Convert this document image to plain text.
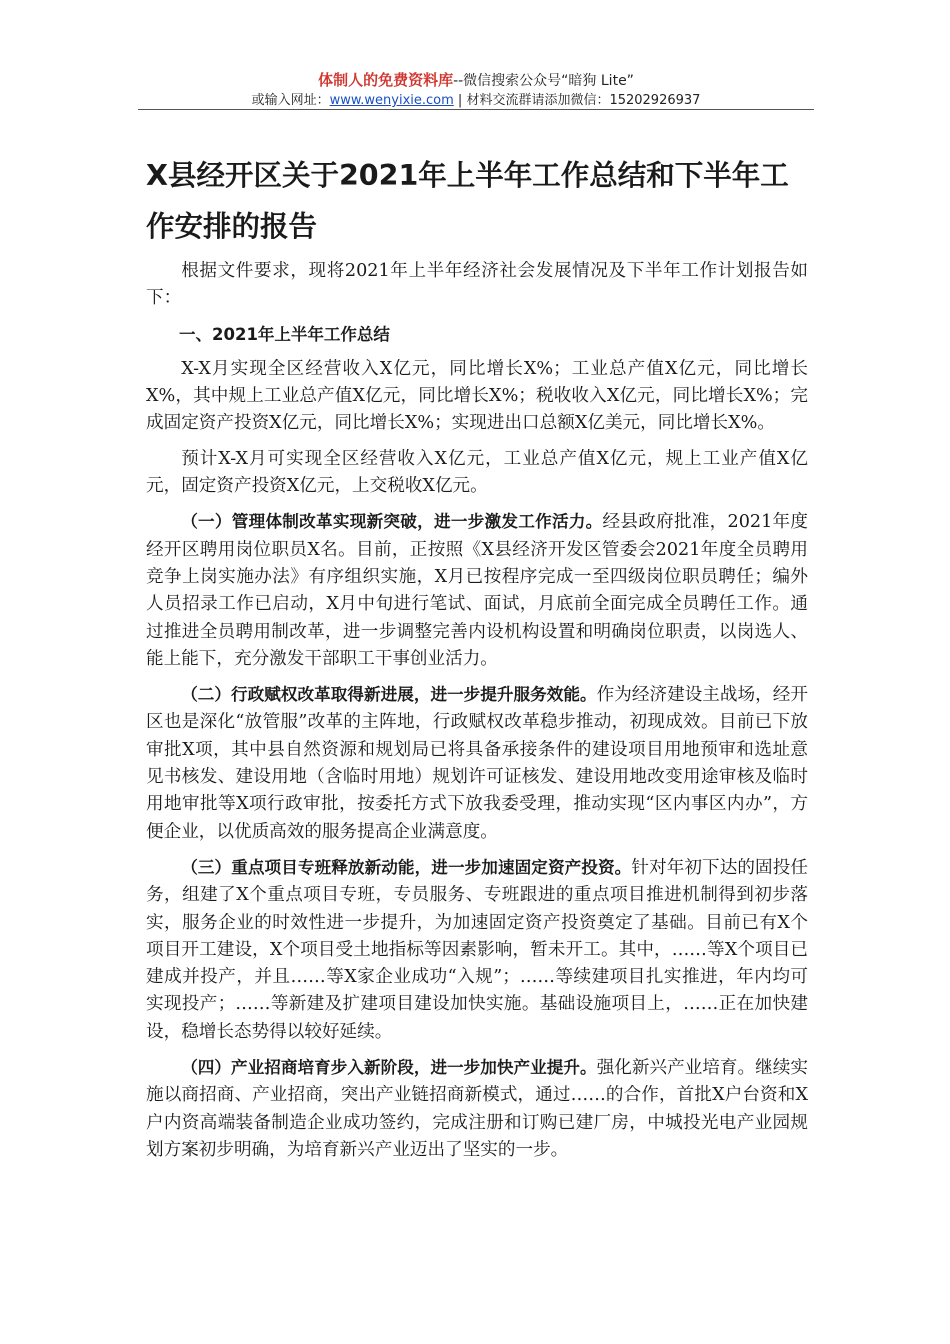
体制人的免费资料库--微信搜索公众号“暗狗 Lite”
或输入网址：www.wenyixie.com | 材料交流群请添加微信：15202926937
X县经开区关于2021年上半年工作总结和下半年工作安排的报告

根据文件要求，现将2021年上半年经济社会发展情况及下半年工作计划报告如下：

一、2021年上半年工作总结

X-X月实现全区经营收入X亿元，同比增长X%；工业总产值X亿元，同比增长X%，其中规上工业总产值X亿元，同比增长X%；税收收入X亿元，同比增长X%；完成固定资产投资X亿元，同比增长X%；实现进出口总额X亿美元，同比增长X%。

预计X-X月可实现全区经营收入X亿元，工业总产值X亿元，规上工业产值X亿元，固定资产投资X亿元，上交税收X亿元。

（一）管理体制改革实现新突破，进一步激发工作活力。经县政府批准，2021年度经开区聘用岗位职员X名。目前，正按照《X县经济开发区管委会2021年度全员聘用竞争上岗实施办法》有序组织实施，X月已按程序完成一至四级岗位职员聘任；编外人员招录工作已启动，X月中旬进行笔试、面试，月底前全面完成全员聘任工作。通过推进全员聘用制改革，进一步调整完善内设机构设置和明确岗位职责，以岗选人、能上能下，充分激发干部职工干事创业活力。

（二）行政赋权改革取得新进展，进一步提升服务效能。作为经济建设主战场，经开区也是深化“放管服”改革的主阵地，行政赋权改革稳步推动，初现成效。目前已下放审批X项，其中县自然资源和规划局已将具备承接条件的建设项目用地预审和选址意见书核发、建设用地（含临时用地）规划许可证核发、建设用地改变用途审核及临时用地审批等X项行政审批，按委托方式下放我委受理，推动实现“区内事区内办”，方便企业，以优质高效的服务提高企业满意度。

（三）重点项目专班释放新动能，进一步加速固定资产投资。针对年初下达的固投任务，组建了X个重点项目专班，专员服务、专班跟进的重点项目推进机制得到初步落实，服务企业的时效性进一步提升，为加速固定资产投资奠定了基础。目前已有X个项目开工建设，X个项目受土地指标等因素影响，暂未开工。其中，……等X个项目已建成并投产，并且……等X家企业成功“入规”；……等续建项目扎实推进，年内均可实现投产；……等新建及扩建项目建设加快实施。基础设施项目上，……正在加快建设，稳增长态势得以较好延续。

（四）产业招商培育步入新阶段，进一步加快产业提升。强化新兴产业培育。继续实施以商招商、产业招商，突出产业链招商新模式，通过……的合作，首批X户台资和X户内资高端装备制造企业成功签约，完成注册和订购已建厂房，中城投光电产业园规划方案初步明确，为培育新兴产业迈出了坚实的一步。
